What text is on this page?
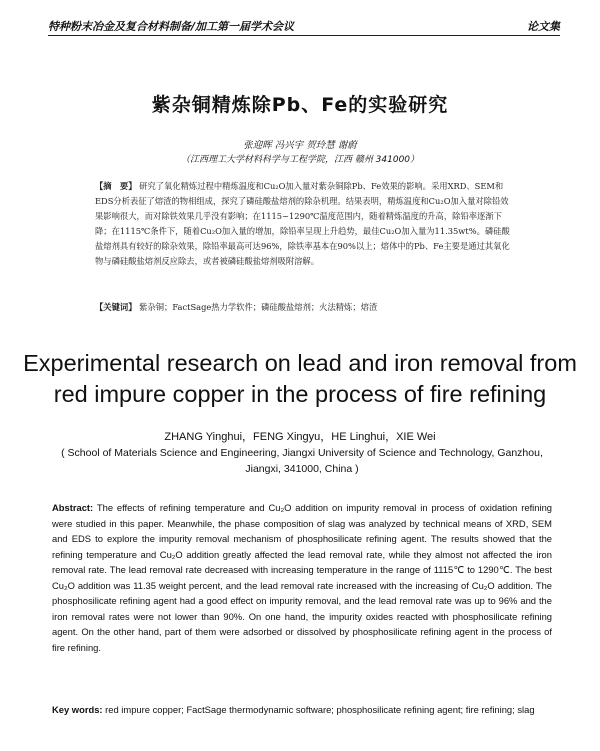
特种粉末冶金及复合材料制备/加工第一届学术会议	论文集
紫杂铜精炼除Pb、Fe的实验研究
张迎晖 冯兴宇 贺玲慧 谢蔚
（江西理工大学材料科学与工程学院，江西 赣州 341000）
【摘　要】 研究了氧化精炼过程中精炼温度和Cu₂O加入量对紫杂铜除Pb、Fe效果的影响。采用XRD、SEM和EDS分析表征了熔渣的物相组成，探究了磷硅酸盐熔剂的除杂机理。结果表明，精炼温度和Cu₂O加入量对除铅效果影响很大，而对除铁效果几乎没有影响；在1115~1290℃温度范围内，随着精炼温度的升高，除铅率逐渐下降；在1115℃条件下，随着Cu₂O加入量的增加，除铅率呈现上升趋势，最佳Cu₂O加入量为11.35wt%。磷硅酸盐熔剂具有较好的除杂效果，除铅率最高可达96%，除铁率基本在90%以上；熔体中的Pb、Fe主要是通过其氧化物与磷硅酸盐熔剂反应除去，或者被磷硅酸盐熔剂吸附溶解。
【关键词】 紫杂铜；FactSage热力学软件；磷硅酸盐熔剂；火法精炼；熔渣
Experimental research on lead and iron removal from red impure copper in the process of fire refining
ZHANG Yinghui，FENG Xingyu，HE Linghui，XIE Wei
( School of Materials Science and Engineering, Jiangxi University of Science and Technology, Ganzhou, Jiangxi, 341000, China )
Abstract: The effects of refining temperature and Cu₂O addition on impurity removal in process of oxidation refining were studied in this paper. Meanwhile, the phase composition of slag was analyzed by technical means of XRD, SEM and EDS to explore the impurity removal mechanism of phosphosilicate refining agent. The results showed that the refining temperature and Cu₂O addition greatly affected the lead removal rate, while they almost not affected the iron removal rate. The lead removal rate decreased with increasing temperature in the range of 1115℃ to 1290℃. The best Cu₂O addition was 11.35 weight percent, and the lead removal rate increased with the increasing of Cu₂O addition. The phosphosilicate refining agent had a good effect on impurity removal, and the lead removal rate was up to 96% and the iron removal rates were not lower than 90%. On one hand, the impurity oxides reacted with phosphosilicate refining agent. On the other hand, part of them were adsorbed or dissolved by phosphosilicate refining agent in the process of fire refining.
Key words: red impure copper; FactSage thermodynamic software; phosphosilicate refining agent; fire refining; slag
